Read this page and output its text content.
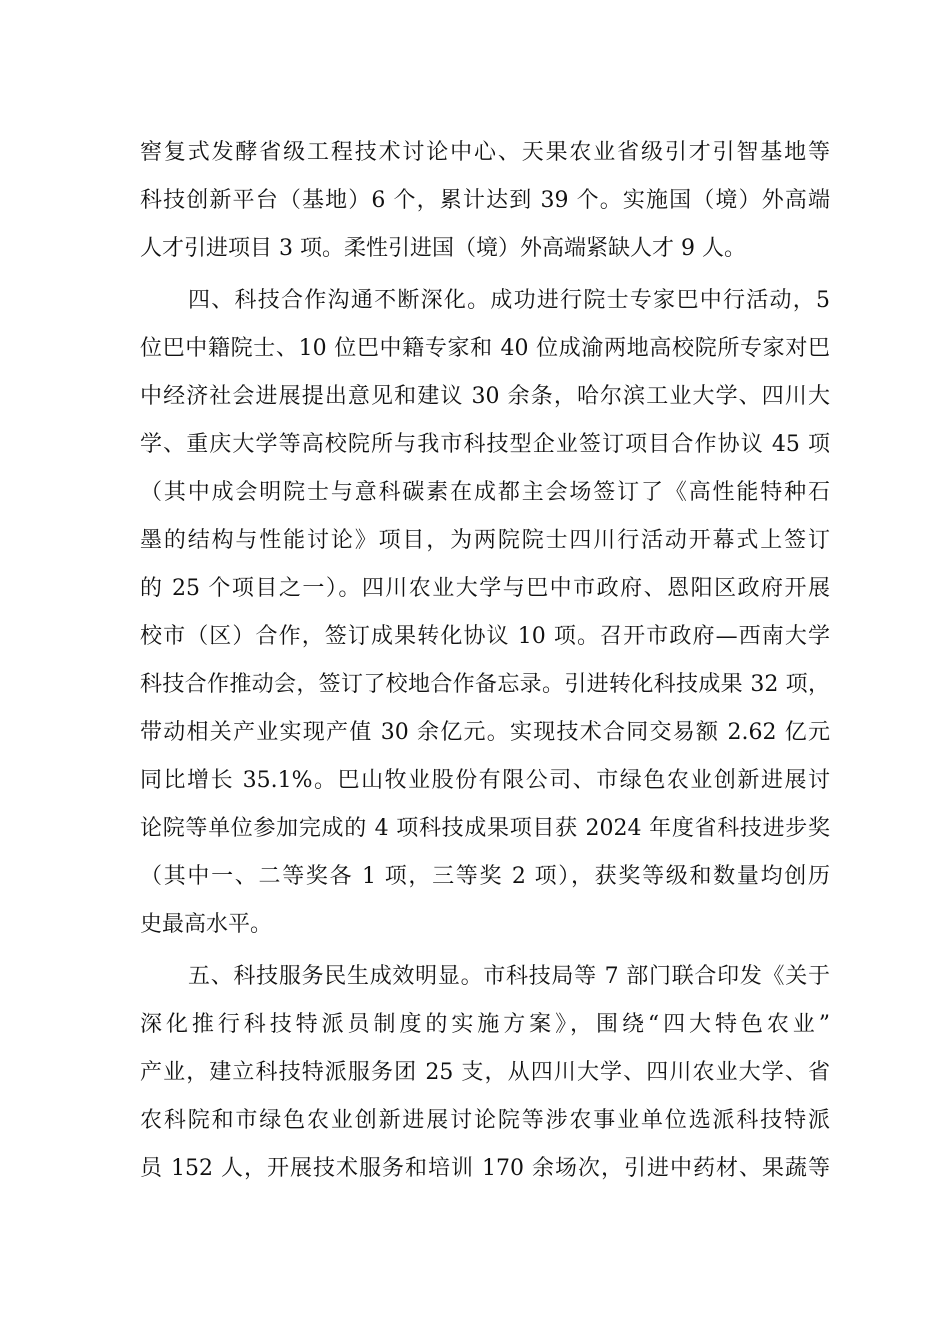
窖复式发酵省级工程技术讨论中心、天果农业省级引才引智基地等
科技创新平台（基地）6 个，累计达到 39 个。实施国（境）外高端
人才引进项目 3 项。柔性引进国（境）外高端紧缺人才 9 人。
四、科技合作沟通不断深化。成功进行院士专家巴中行活动，5
位巴中籍院士、10 位巴中籍专家和 40 位成渝两地高校院所专家对巴
中经济社会进展提出意见和建议 30 余条，哈尔滨工业大学、四川大
学、重庆大学等高校院所与我市科技型企业签订项目合作协议 45 项
（其中成会明院士与意科碳素在成都主会场签订了《高性能特种石
墨的结构与性能讨论》项目，为两院院士四川行活动开幕式上签订
的 25 个项目之一）。四川农业大学与巴中市政府、恩阳区政府开展
校市（区）合作，签订成果转化协议 10 项。召开市政府—西南大学
科技合作推动会，签订了校地合作备忘录。引进转化科技成果 32 项，
带动相关产业实现产值 30 余亿元。实现技术合同交易额 2.62 亿元
同比增长 35.1%。巴山牧业股份有限公司、市绿色农业创新进展讨
论院等单位参加完成的 4 项科技成果项目获 2024 年度省科技进步奖
（其中一、二等奖各 1 项，三等奖 2 项），获奖等级和数量均创历
史最高水平。
五、科技服务民生成效明显。市科技局等 7 部门联合印发《关于
深化推行科技特派员制度的实施方案》，围绕“四大特色农业”
产业，建立科技特派服务团 25 支，从四川大学、四川农业大学、省
农科院和市绿色农业创新进展讨论院等涉农事业单位选派科技特派
员 152 人，开展技术服务和培训 170 余场次，引进中药材、果蔬等
